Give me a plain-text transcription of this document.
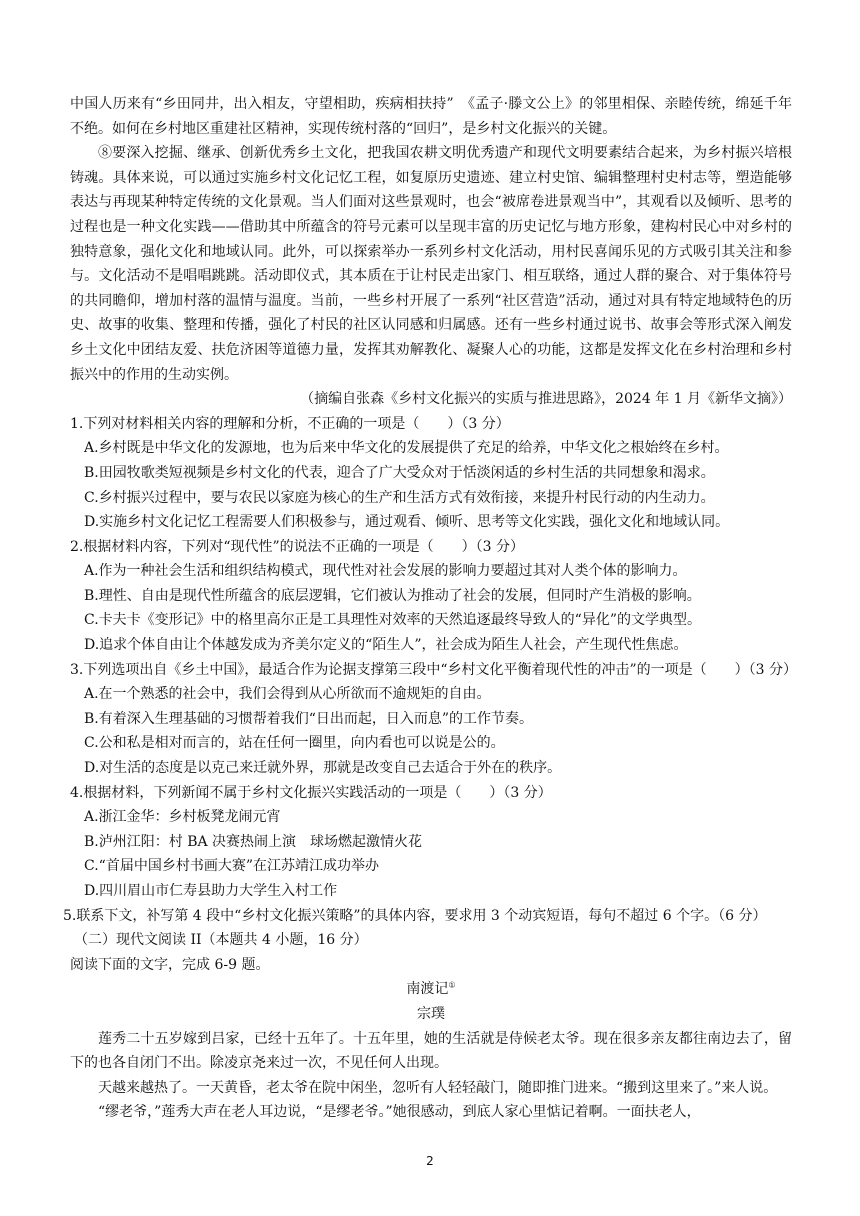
中国人历来有“乡田同井，出入相友，守望相助，疾病相扶持”　《孟子·滕文公上》的邻里相保、亲睦传统，绵延千年不绝。如何在乡村地区重建社区精神，实现传统村落的“回归”，是乡村文化振兴的关键。

⑧要深入挖掘、继承、创新优秀乡土文化，把我国农耕文明优秀遗产和现代文明要素结合起来，为乡村振兴培根铸魂。具体来说，可以通过实施乡村文化记忆工程，如复原历史遗迹、建立村史馆、编辑整理村史村志等，塑造能够表达与再现某种特定传统的文化景观。当人们面对这些景观时，也会“被席卷进景观当中”，其观看以及倾听、思考的过程也是一种文化实践——借助其中所蕴含的符号元素可以呈现丰富的历史记忆与地方形象，建构村民心中对乡村的独特意象，强化文化和地域认同。此外，可以探索举办一系列乡村文化活动，用村民喜闻乐见的方式吸引其关注和参与。文化活动不是唱唱跳跳。活动即仪式，其本质在于让村民走出家门、相互联络，通过人群的聚合、对于集体符号的共同瞻仰，增加村落的温情与温度。当前，一些乡村开展了一系列“社区营造”活动，通过对具有特定地域特色的历史、故事的收集、整理和传播，强化了村民的社区认同感和归属感。还有一些乡村通过说书、故事会等形式深入阐发乡土文化中团结友爱、扶危济困等道德力量，发挥其劝解教化、凝聚人心的功能，这都是发挥文化在乡村治理和乡村振兴中的作用的生动实例。

（摘编自张森《乡村文化振兴的实质与推进思路》，2024 年 1 月《新华文摘》）

1.下列对材料相关内容的理解和分析，不正确的一项是（　　）（3 分）

A.乡村既是中华文化的发源地，也为后来中华文化的发展提供了充足的给养，中华文化之根始终在乡村。

B.田园牧歌类短视频是乡村文化的代表，迎合了广大受众对于恬淡闲适的乡村生活的共同想象和渴求。

C.乡村振兴过程中，要与农民以家庭为核心的生产和生活方式有效衔接，来提升村民行动的内生动力。

D.实施乡村文化记忆工程需要人们积极参与，通过观看、倾听、思考等文化实践，强化文化和地域认同。

2.根据材料内容，下列对“现代性”的说法不正确的一项是（　　）（3 分）

A.作为一种社会生活和组织结构模式，现代性对社会发展的影响力要超过其对人类个体的影响力。

B.理性、自由是现代性所蕴含的底层逻辑，它们被认为推动了社会的发展，但同时产生消极的影响。

C.卡夫卡《变形记》中的格里高尔正是工具理性对效率的天然追逐最终导致人的“异化”的文学典型。

D.追求个体自由让个体越发成为齐美尔定义的“陌生人”，社会成为陌生人社会，产生现代性焦虑。

3.下列选项出自《乡土中国》，最适合作为论据支撑第三段中“乡村文化平衡着现代性的冲击”的一项是（　　）（3 分）

A.在一个熟悉的社会中，我们会得到从心所欲而不逾规矩的自由。

B.有着深入生理基础的习惯帮着我们“日出而起，日入而息”的工作节奏。

C.公和私是相对而言的，站在任何一圈里，向内看也可以说是公的。

D.对生活的态度是以克己来迁就外界，那就是改变自己去适合于外在的秩序。

4.根据材料，下列新闻不属于乡村文化振兴实践活动的一项是（　　）（3 分）

A.浙江金华：乡村板凳龙闹元宵

B.泸州江阳：村 BA 决赛热闹上演　球场燃起激情火花

C.“首届中国乡村书画大赛”在江苏靖江成功举办

D.四川眉山市仁寿县助力大学生入村工作

5.联系下文，补写第 4 段中“乡村文化振兴策略”的具体内容，要求用 3 个动宾短语，每句不超过 6 个字。（6 分）

（二）现代文阅读 II（本题共 4 小题，16 分）

阅读下面的文字，完成 6-9 题。

南渡记①

宗璞

莲秀二十五岁嫁到吕家，已经十五年了。十五年里，她的生活就是侍候老太爷。现在很多亲友都往南边去了，留下的也各自闭门不出。除凌京尧来过一次，不见任何人出现。

天越来越热了。一天黄昏，老太爷在院中闲坐，忽听有人轻轻敲门，随即推门进来。“搬到这里来了。”来人说。

“缪老爷，”莲秀大声在老人耳边说，“是缪老爷。”她很感动，到底人家心里惦记着啊。一面扶老人，

2
